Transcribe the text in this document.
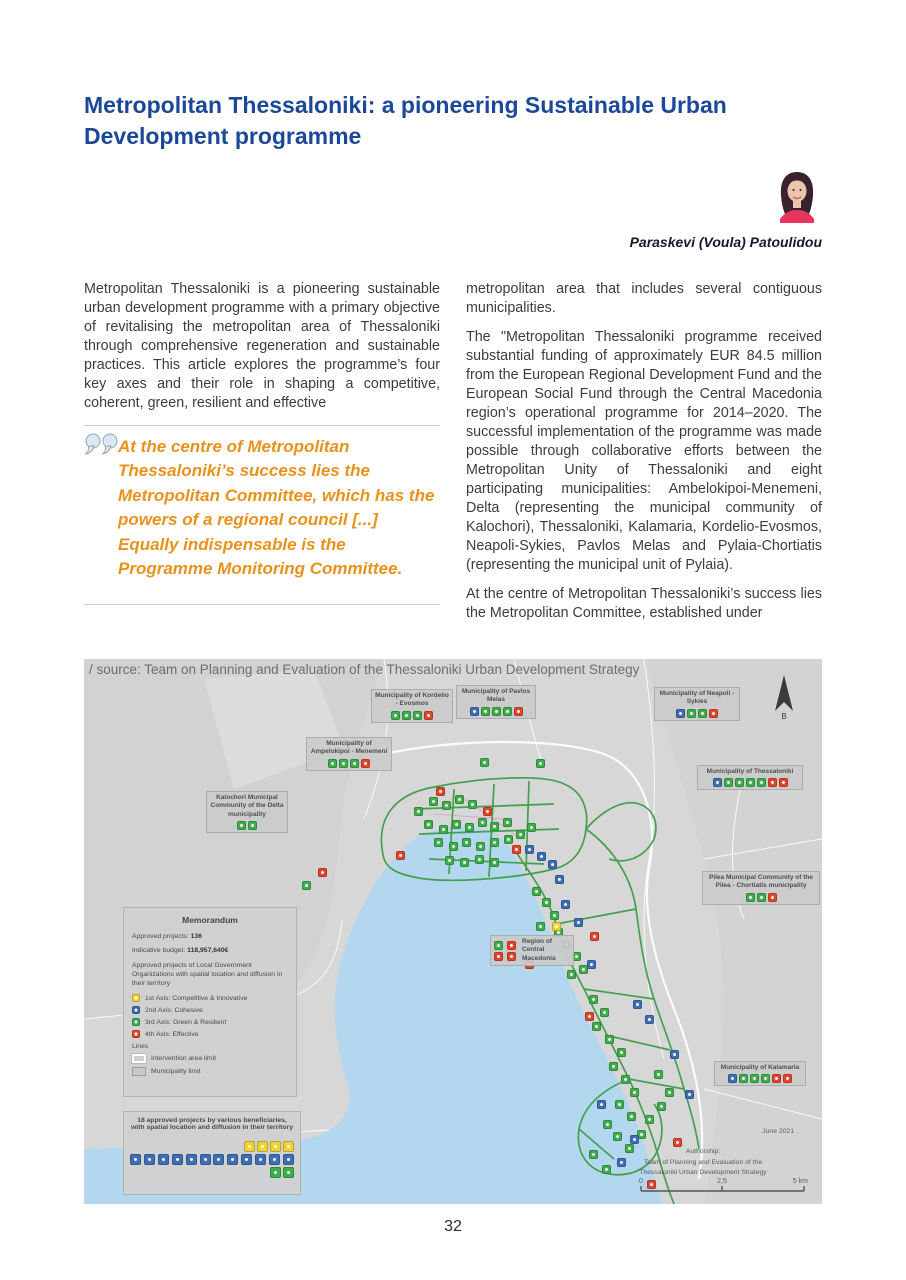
Metropolitan Thessaloniki: a pioneering Sustainable Urban Development programme
Paraskevi (Voula) Patoulidou

Metropolitan Thessaloniki is a pioneering sustainable urban development programme with a primary objective of revitalising the metropolitan area of Thessaloniki through comprehensive regeneration and sustainable practices. This article explores the programme’s four key axes and their role in shaping a competitive, coherent, green, resilient and effective

At the centre of Metropolitan Thessaloniki’s success lies the Metropolitan Committee, which has the powers of a regional council [...] Equally indispensable is the Programme Monitoring Committee.

metropolitan area that includes several contiguous municipalities.

The "Metropolitan Thessaloniki programme received substantial funding of approximately EUR 84.5 million from the European Regional Development Fund and the European Social Fund through the Central Macedonia region’s operational programme for 2014–2020. The successful implementation of the programme was made possible through collaborative efforts between the Metropolitan Unity of Thessaloniki and eight participating municipalities: Ambelokipoi-Menemeni, Delta (representing the municipal community of Kalochori), Thessaloniki, Kalamaria, Kordelio-Evosmos, Neapoli-Sykies, Pavlos Melas and Pylaia-Chortiatis (representing the municipal unit of Pylaia).

At the centre of Metropolitan Thessaloniki’s success lies the Metropolitan Committee, established under

B
0	2,5	5 km
/ source: Team on Planning and Evaluation of the Thessaloniki Urban Development Strategy
Municipality of Kordelio - Evosmos
Municipality of Pavlos Melas
Municipality of Neapoli - Sykies
Municipality of Ampelokipoi - Menemeni
Municipality of Thessaloniki
Kalochori Municipal Community of the Delta municipality
Pilea Municipal Community of the Pilea - Chortiatis municipality
Region of Central Macedonia
Municipality of Kalamaria
Memorandum

Approved projects: 136

Indicative budget: 118,957,640€

Approved projects of Local Government Organizations with spatial location and diffusion in their territory

1st Axis: Competitive & Innovative
2nd Axis: Cohesive
3rd Axis: Green & Resilient
4th Axis: Effective
Lines
Intervention area limit
Municipality limit
18 approved projects by various beneficiaries, with spatial location and diffusion in their territory
June 2021
Authorship:
Team of Planning and Evaluation of the
Thessaloniki Urban Development Strategy
32
